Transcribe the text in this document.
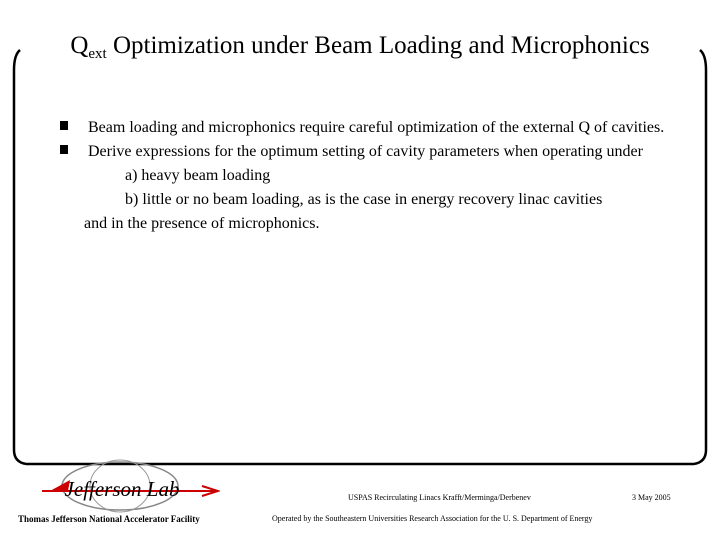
$Q_{ext}$ Optimization under Beam Loading and Microphonics
Beam loading and microphonics require careful optimization of the external Q of cavities.
Derive expressions for the optimum setting of cavity parameters when operating under
a) heavy beam loading
b) little or no beam loading, as is the case in energy recovery linac cavities
and in the presence of microphonics.
Jefferson Lab	USPAS Recirculating Linacs Krafft/Merminga/Derbenev	3 May 2005
Thomas Jefferson National Accelerator Facility	Operated by the Southeastern Universities Research Association for the U. S. Department of Energy
